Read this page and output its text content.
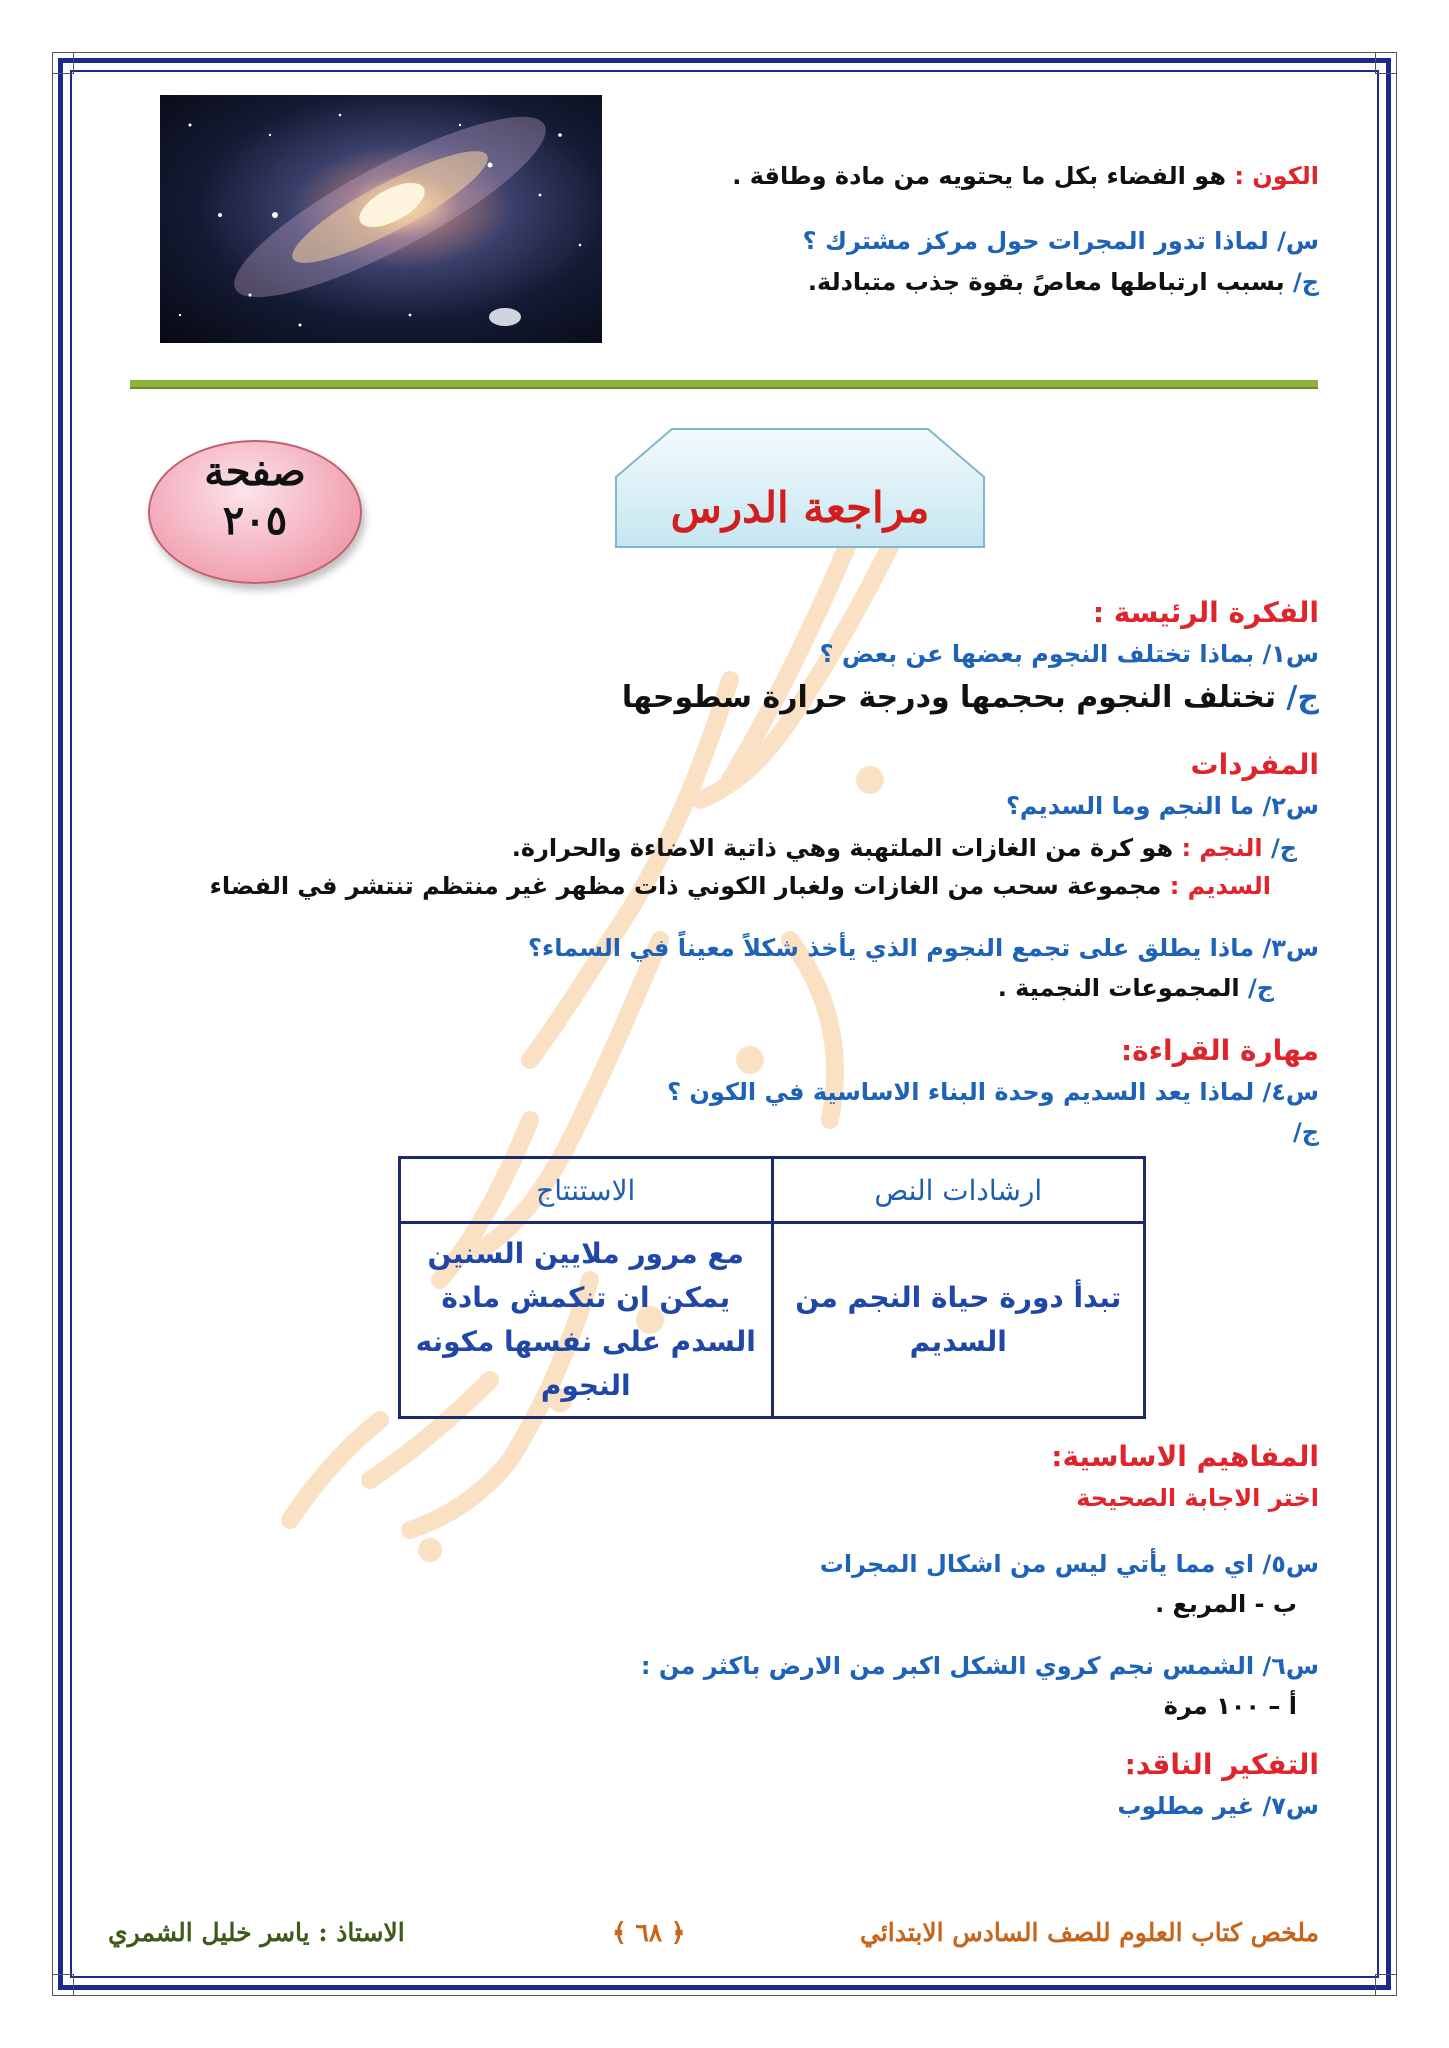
الكون : هو الفضاء بكل ما يحتويه من مادة وطاقة .
س/ لماذا تدور المجرات حول مركز مشترك ؟
ج/ بسبب ارتباطها معاصً بقوة جذب متبادلة.
مراجعة الدرس
صفحة
٢٠٥
الفكرة الرئيسة :
س١/ بماذا تختلف النجوم بعضها عن بعض ؟
ج/ تختلف النجوم بحجمها ودرجة حرارة سطوحها
المفردات
س٢/ ما النجم وما السديم؟
ج/ النجم : هو كرة من الغازات الملتهبة وهي ذاتية الاضاءة والحرارة.
السديم : مجموعة سحب من الغازات ولغبار الكوني ذات مظهر غير منتظم تنتشر في الفضاء
س٣/ ماذا يطلق على تجمع النجوم الذي يأخذ شكلاً معيناً في السماء؟
ج/ المجموعات النجمية .
مهارة القراءة:
س٤/ لماذا يعد السديم وحدة البناء الاساسية في الكون ؟
ج/
ارشادات النص	الاستنتاج
تبدأ دورة حياة النجم من السديم	مع مرور ملايين السنين يمكن ان تنكمش مادة السدم على نفسها مكونه النجوم
المفاهيم الاساسية:
اختر الاجابة الصحيحة
س٥/ اي مما يأتي ليس من اشكال المجرات
ب - المربع .
س٦/ الشمس نجم كروي الشكل اكبر من الارض باكثر من :
أ – ١٠٠ مرة
التفكير الناقد:
س٧/ غير مطلوب
ملخص كتاب العلوم للصف السادس الابتدائي
﴿ ٦٨ ﴾
الاستاذ : ياسر خليل الشمري
